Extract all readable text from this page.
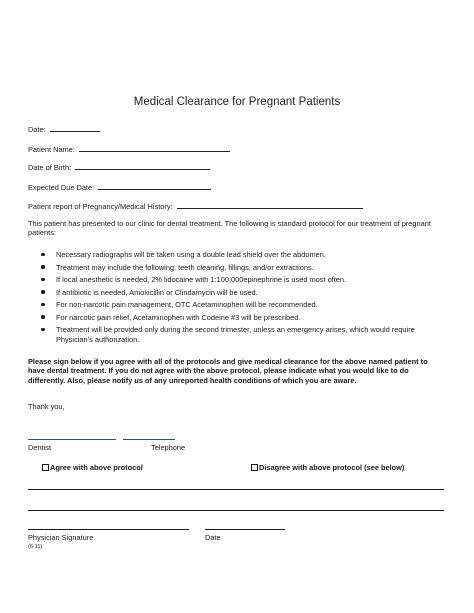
Medical Clearance for Pregnant Patients
Date:
Patient Name:
Date of Birth:
Expected Due Date:
Patient report of Pregnancy/Medical History:
This patient has presented to our clinic for dental treatment. The following is standard protocol for our treatment of pregnant patients:
Necessary radiographs will be taken using a double lead shield over the abdomen.
Treatment may include the following: teeth cleaning, fillings, and/or extractions.
If local anesthetic is needed, 2% lidocaine with 1:100,000epinephrine is used most often.
If antibiotic is needed, Amoxicillin or Clindamycin will be used.
For non-narcotic pain management, OTC Acetaminophen will be recommended.
For narcotic pain relief, Acetaminophen with Codeine #3 will be prescribed.
Treatment will be provided only during the second trimester, unless an emergency arises, which would require Physician’s authorization.
Please sign below if you agree with all of the protocols and give medical clearance for the above named patient to have dental treatment. If you do not agree with the above protocol, please indicate what you would like to do differently. Also, please notify us of any unreported health conditions of which you are aware.
Thank you,
Dentist	Telephone
Agree with above protocol	Disagree with above protocol (see below)
Physician Signature	Date
(6-11)
